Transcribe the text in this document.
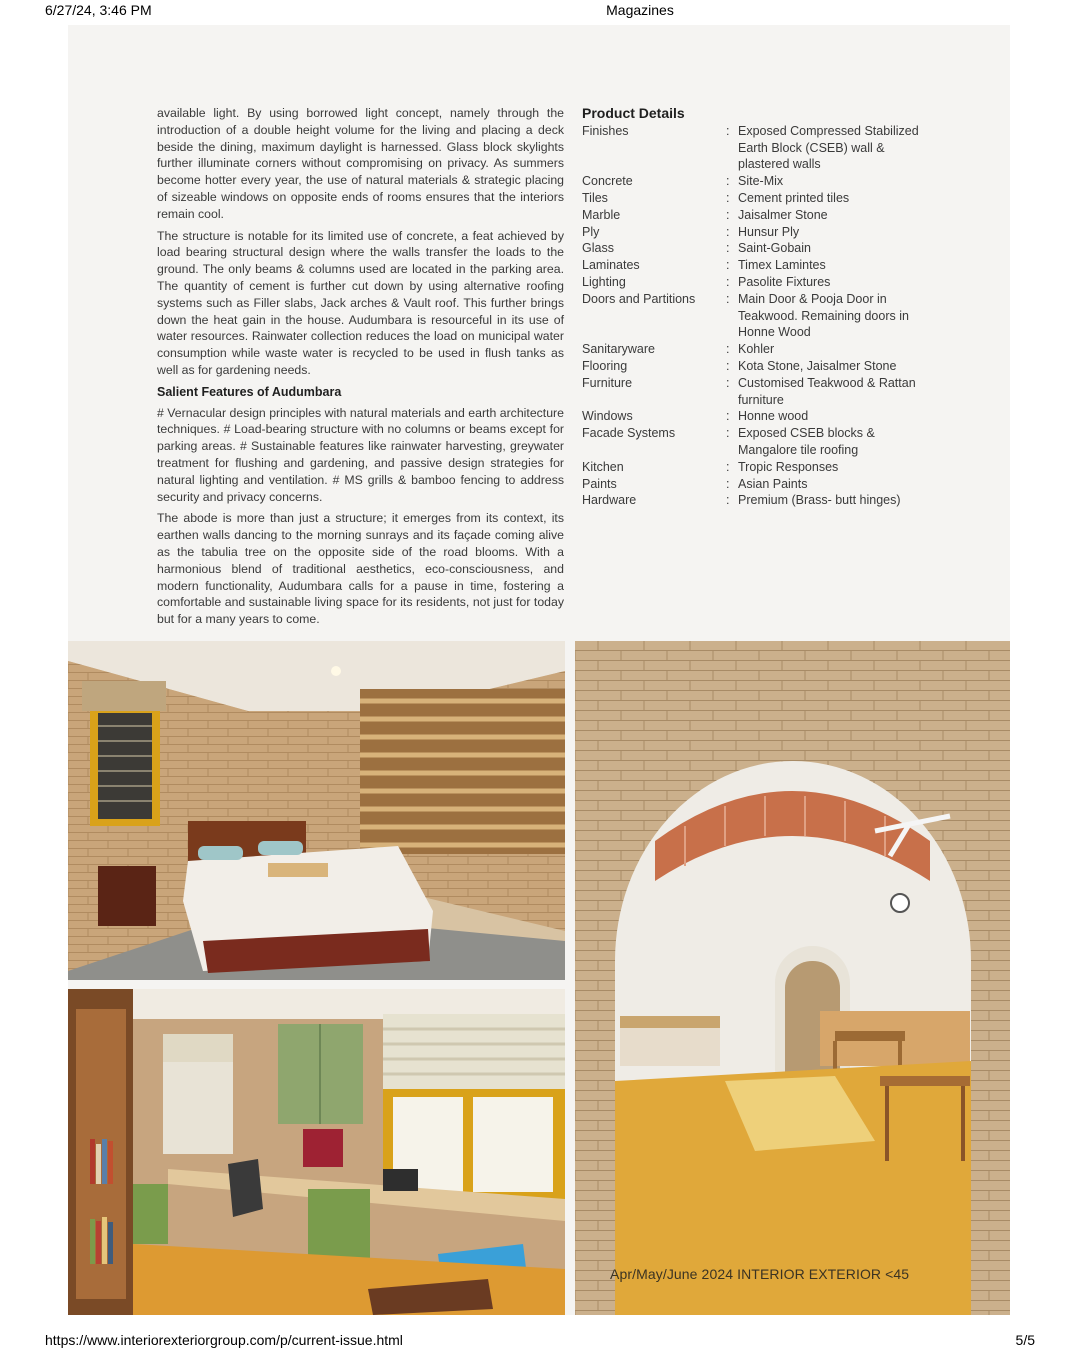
6/27/24, 3:46 PM	Magazines

available light. By using borrowed light concept, namely through the introduction of a double height volume for the living and placing a deck beside the dining, maximum daylight is harnessed. Glass block skylights further illuminate corners without compromising on privacy. As summers become hotter every year, the use of natural materials & strategic placing of sizeable windows on opposite ends of rooms ensures that the interiors remain cool.

The structure is notable for its limited use of concrete, a feat achieved by load bearing structural design where the walls transfer the loads to the ground. The only beams & columns used are located in the parking area. The quantity of cement is further cut down by using alternative roofing systems such as Filler slabs, Jack arches & Vault roof. This further brings down the heat gain in the house. Audumbara is resourceful in its use of water resources. Rainwater collection reduces the load on municipal water consumption while waste water is recycled to be used in flush tanks as well as for gardening needs.

Salient Features of Audumbara

# Vernacular design principles with natural materials and earth architecture techniques. # Load-bearing structure with no columns or beams except for parking areas. # Sustainable features like rainwater harvesting, greywater treatment for flushing and gardening, and passive design strategies for natural lighting and ventilation. # MS grills & bamboo fencing to address security and privacy concerns.

The abode is more than just a structure; it emerges from its context, its earthen walls dancing to the morning sunrays and its façade coming alive as the tabulia tree on the opposite side of the road blooms. With a harmonious blend of traditional aesthetics, eco-consciousness, and modern functionality, Audumbara calls for a pause in time, fostering a comfortable and sustainable living space for its residents, not just for today but for a many years to come.

Product Details
Finishes	: Exposed Compressed Stabilized Earth Block (CSEB) wall & plastered walls
Concrete	: Site-Mix
Tiles	: Cement printed tiles
Marble	: Jaisalmer Stone
Ply	: Hunsur Ply
Glass	: Saint-Gobain
Laminates	: Timex Lamintes
Lighting	: Pasolite Fixtures
Doors and Partitions	: Main Door & Pooja Door in Teakwood. Remaining doors in Honne Wood
Sanitaryware	: Kohler
Flooring	: Kota Stone, Jaisalmer Stone
Furniture	: Customised Teakwood & Rattan furniture
Windows	: Honne wood
Facade Systems	: Exposed CSEB blocks & Mangalore tile roofing
Kitchen	: Tropic Responses
Paints	: Asian Paints
Hardware	: Premium (Brass- butt hinges)
Apr/May/June 2024 INTERIOR EXTERIOR <45
https://www.interiorexteriorgroup.com/p/current-issue.html	5/5
